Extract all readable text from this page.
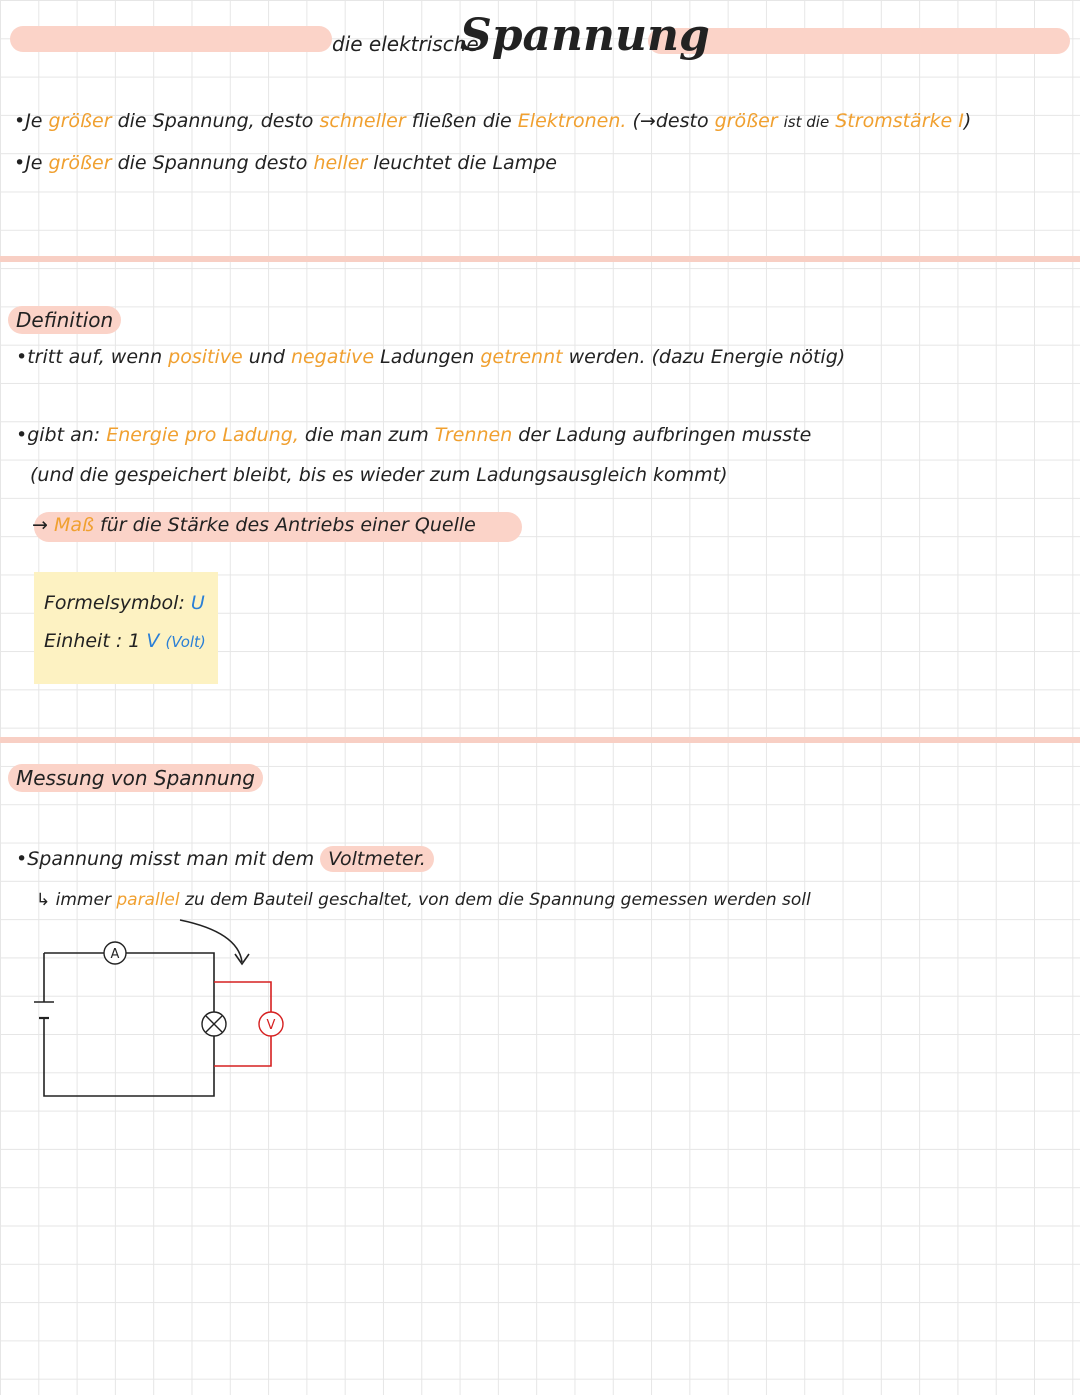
die elektrische
Spannung
•Je größer die Spannung, desto schneller fließen die Elektronen. (→desto größer ist die Stromstärke I)
•Je größer die Spannung desto heller leuchtet die Lampe
Definition
•tritt auf, wenn positive und negative Ladungen getrennt werden. (dazu Energie nötig)
•gibt an: Energie pro Ladung, die man zum Trennen der Ladung aufbringen musste
(und die gespeichert bleibt, bis es wieder zum Ladungsausgleich kommt)
→ Maß für die Stärke des Antriebs einer Quelle
Formelsymbol: U
Einheit : 1 V (Volt)
Messung von Spannung
•Spannung misst man mit dem Voltmeter.
↳ immer parallel zu dem Bauteil geschaltet, von dem die Spannung gemessen werden soll
A
V
